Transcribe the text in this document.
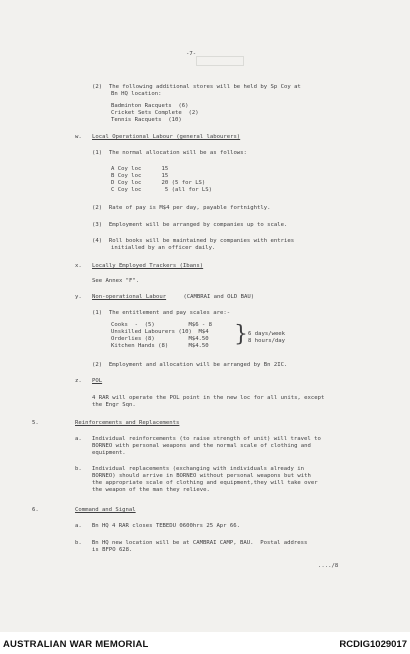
-7-
(2)  The following additional stores will be held by Sp Coy at
Bn HQ location:
Badminton Racquets  (6)
Cricket Sets Complete  (2)
Tennis Racquets  (10)
w. Local Operational Labour (general labourers)
(1)  The normal allocation will be as follows:
A Coy loc      15
B Coy loc      15
D Coy loc      20 (5 for LS)
C Coy loc       5 (all for LS)
(2)  Rate of pay is M$4 per day, payable fortnightly.
(3)  Employment will be arranged by companies up to scale.
(4)  Roll books will be maintained by companies with entries
initialled by an officer daily.
x. Locally Employed Trackers (Ibans)
See Annex "F".
y. Non-operational Labour (CAMBRAI and OLD BAU)
(1)  The entitlement and pay scales are:-
Cooks  -  (5)          M$6 - 8
Unskilled Labourers (10)  M$4
Orderlies (8)          M$4.50
Kitchen Hands (8)      M$4.50 } 6 days/week
8 hours/day
(2)  Employment and allocation will be arranged by Bn 2IC.
z. POL
4 RAR will operate the POL point in the new loc for all units, except
the Engr Sqn.
5.	Reinforcements and Replacements
a.   Individual reinforcements (to raise strength of unit) will travel to
BORNEO with personal weapons and the normal scale of clothing and
equipment.
b.   Individual replacements (exchanging with individuals already in
BORNEO) should arrive in BORNEO without personal weapons but with
the appropriate scale of clothing and equipment,they will take over
the weapon of the man they relieve.
6.	Command and Signal
a.   Bn HQ 4 RAR closes TEBEDU 0600hrs 25 Apr 66.
b.   Bn HQ new location will be at CAMBRAI CAMP, BAU.  Postal address
is BFPO 628.
..../8
AUSTRALIAN WAR MEMORIAL	RCDIG1029017
